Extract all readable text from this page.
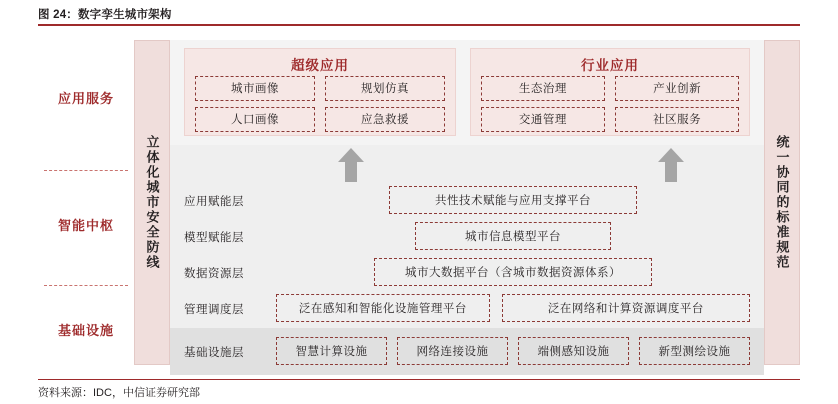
图 24：数字孪生城市架构
应用服务
智能中枢
基础设施
立体化城市安全防线	统一协同的标准规范
超级应用
城市画像	规划仿真
人口画像	应急救援
行业应用
生态治理	产业创新
交通管理	社区服务
应用赋能层	共性技术赋能与应用支撑平台
模型赋能层	城市信息模型平台
数据资源层	城市大数据平台（含城市数据资源体系）
管理调度层	泛在感知和智能化设施管理平台	泛在网络和计算资源调度平台
基础设施层	智慧计算设施	网络连接设施	端侧感知设施	新型测绘设施
资料来源：IDC，中信证券研究部
